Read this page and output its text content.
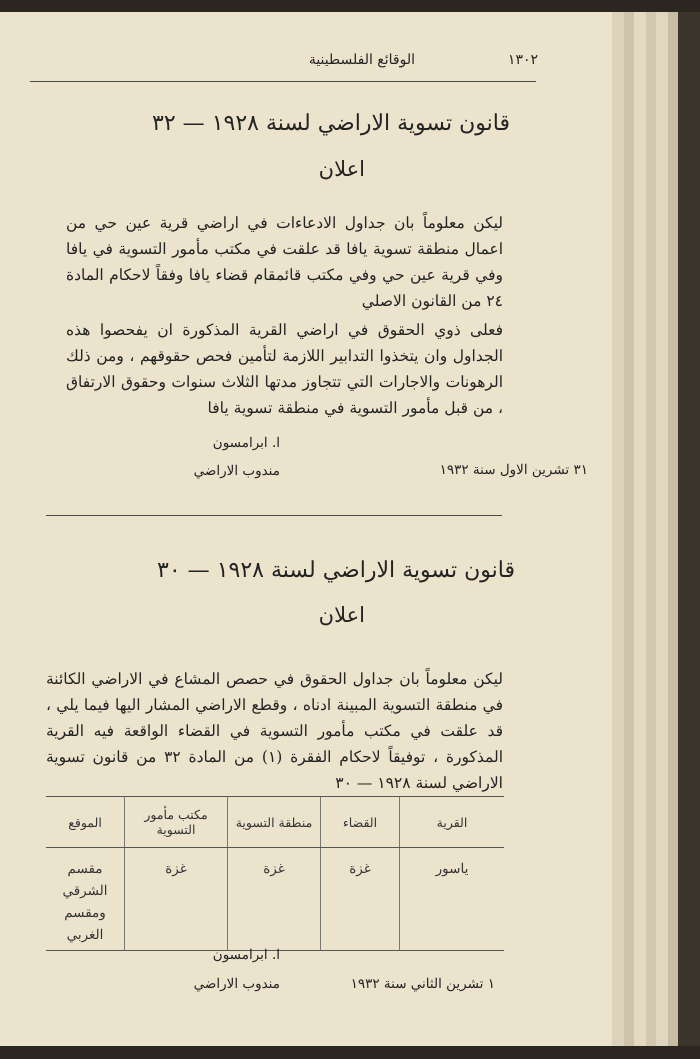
١٣٠٢
الوقائع الفلسطينية
قانون تسوية الاراضي لسنة ١٩٢٨ — ٣٢
اعلان
ليكن معلوماً بان جداول الادعاءات في اراضي قرية عين حي من اعمال منطقة تسوية يافا قد علقت في مكتب مأمور التسوية في يافا وفي قرية عين حي وفي مكتب قائمقام قضاء يافا وفقاً لاحكام المادة ٢٤ من القانون الاصلي
فعلى ذوي الحقوق في اراضي القرية المذكورة ان يفحصوا هذه الجداول وان يتخذوا التدابير اللازمة لتأمين فحص حقوقهم ، ومن ذلك الرهونات والاجارات التي تتجاوز مدتها الثلاث سنوات وحقوق الارتفاق ، من قبل مأمور التسوية في منطقة تسوية يافا
٣١ تشرين الاول سنة ١٩٣٢
ا. ابرامسون
مندوب الاراضي
قانون تسوية الاراضي لسنة ١٩٢٨ — ٣٠
اعلان
ليكن معلوماً بان جداول الحقوق في حصص المشاع في الاراضي الكائنة في منطقة التسوية المبينة ادناه ، وقطع الاراضي المشار اليها فيما يلي ، قد علقت في مكتب مأمور التسوية في القضاء الواقعة فيه القرية المذكورة ، توفيقاً لاحكام الفقرة (١) من المادة ٣٢ من قانون تسوية الاراضي لسنة ١٩٢٨ — ٣٠
القرية	القضاء	منطقة التسوية	مكتب مأمور التسوية	الموقع
ياسور	غزة	غزة	غزة	مقسم الشرقي
ومقسم الغربي
١ تشرين الثاني سنة ١٩٣٢
ا. ابرامسون
مندوب الاراضي
